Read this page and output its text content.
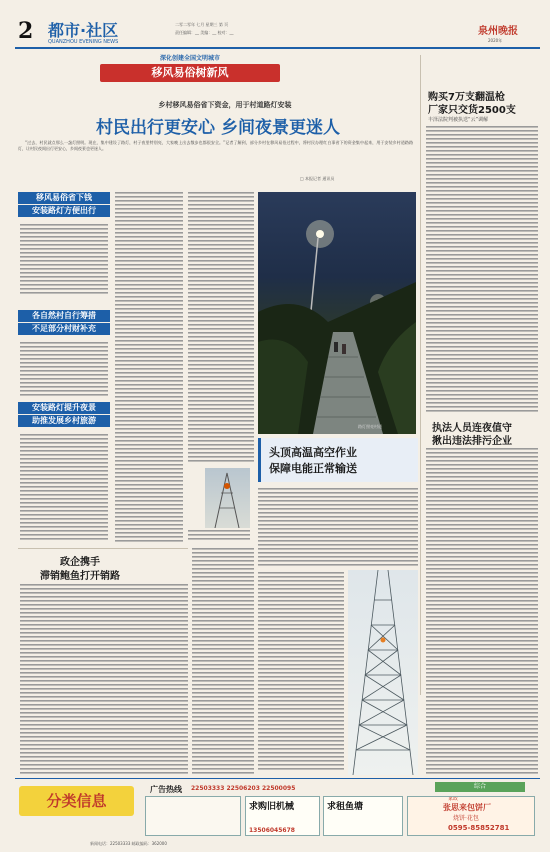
2 都市·社区
QUANZHOU EVENING NEWS
二零二零年 七月 星期三 第 页
责任编辑：__ 美编：__ 校对：__	泉州晚报
2020年
深化创建全国文明城市
移风易俗树新风
乡村移风易俗省下资金，用于村道路灯安装
村民出行更安心 乡间夜景更迷人

“过去，村民就点那么一盏灯照明。现在，集中建设了路灯，村子夜里特别亮，大家晚上出去散步也都很安全。”记者了解到，部分乡村在移风易俗过程中，将村民办理红白事省下的资金集中起来，用于安装乡村道路路灯，让村民夜间出行更安心，乡间夜景也更迷人。

□ 本报记者 通讯员
移风易俗省下钱
安装路灯方便出行
各自然村自行筹措
不足部分村财补充
安装路灯提升夜景
助推发展乡村旅游
路灯照亮村道
购买7万支翻温枪
厂家只交货2500支
丰泽法院判被执送“云”调解
执法人员连夜值守
揪出违法排污企业
头顶高温高空作业
保障电能正常输送
政企携手
滞销鲍鱼打开销路
分类信息
广告热线 22503333 22506203 22500095	综合
求购旧机械
13506045678
求租鱼塘
家政
张思来包饼厂
烧饼·花包
0595-85852781
新闻电话：22503333 邮政编码：362000
